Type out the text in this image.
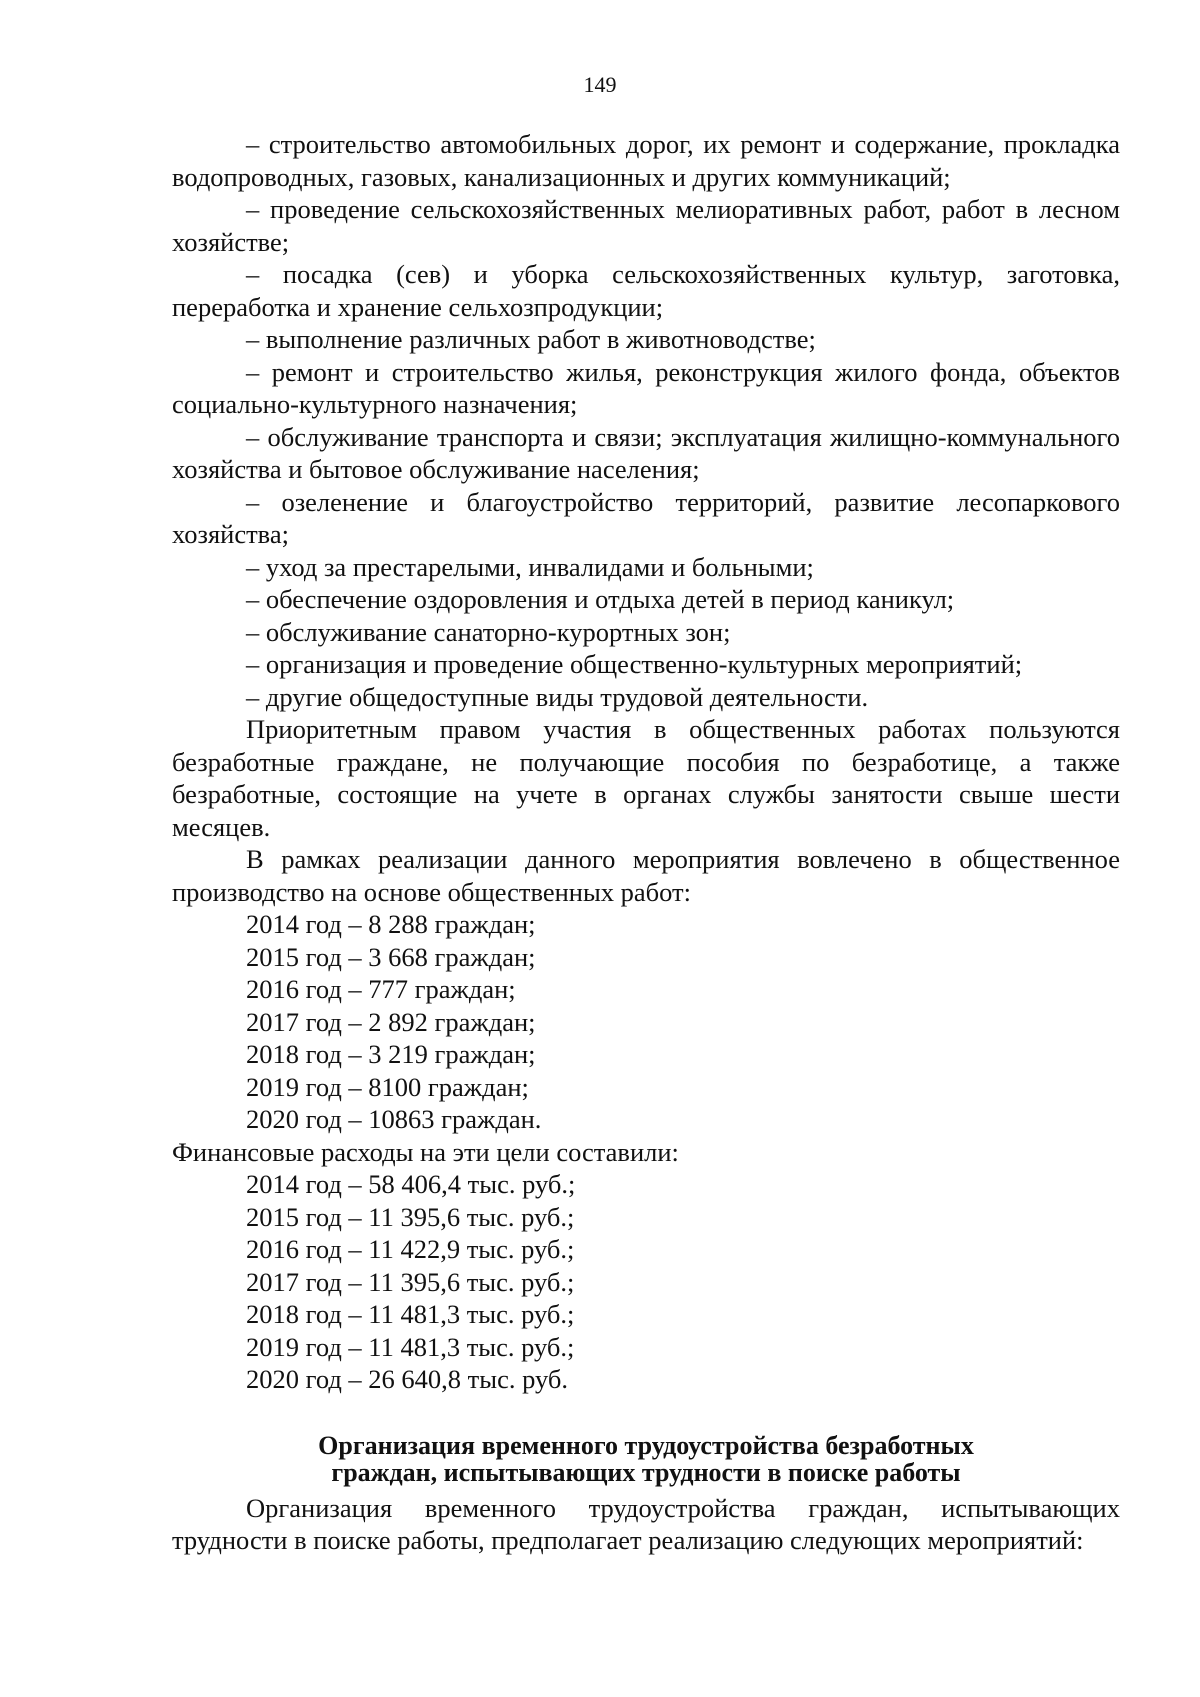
149

– строительство автомобильных дорог, их ремонт и содержание, прокладка водопроводных, газовых, канализационных и других коммуникаций;

– проведение сельскохозяйственных мелиоративных работ, работ в лесном хозяйстве;

– посадка (сев) и уборка сельскохозяйственных культур, заготовка, переработка и хранение сельхозпродукции;

– выполнение различных работ в животноводстве;

– ремонт и строительство жилья, реконструкция жилого фонда, объектов социально-культурного назначения;

– обслуживание транспорта и связи; эксплуатация жилищно-коммунального хозяйства и бытовое обслуживание населения;

– озеленение и благоустройство территорий, развитие лесопаркового хозяйства;

– уход за престарелыми, инвалидами и больными;

– обеспечение оздоровления и отдыха детей в период каникул;

– обслуживание санаторно-курортных зон;

– организация и проведение общественно-культурных мероприятий;

– другие общедоступные виды трудовой деятельности.

Приоритетным правом участия в общественных работах пользуются безработные граждане, не получающие пособия по безработице, а также безработные, состоящие на учете в органах службы занятости свыше шести месяцев.

В рамках реализации данного мероприятия вовлечено в общественное производство на основе общественных работ:

2014 год – 8 288 граждан;

2015 год – 3 668 граждан;

2016 год – 777 граждан;

2017 год – 2 892 граждан;

2018 год – 3 219 граждан;

2019 год – 8100 граждан;

2020 год – 10863 граждан.

Финансовые расходы на эти цели составили:

2014 год – 58 406,4 тыс. руб.;

2015 год – 11 395,6 тыс. руб.;

2016 год – 11 422,9 тыс. руб.;

2017 год – 11 395,6 тыс. руб.;

2018 год – 11 481,3 тыс. руб.;

2019 год – 11 481,3 тыс. руб.;

2020 год – 26 640,8 тыс. руб.

Организация временного трудоустройства безработных
граждан, испытывающих трудности в поиске работы

Организация временного трудоустройства граждан, испытывающих трудности в поиске работы, предполагает реализацию следующих мероприятий:
